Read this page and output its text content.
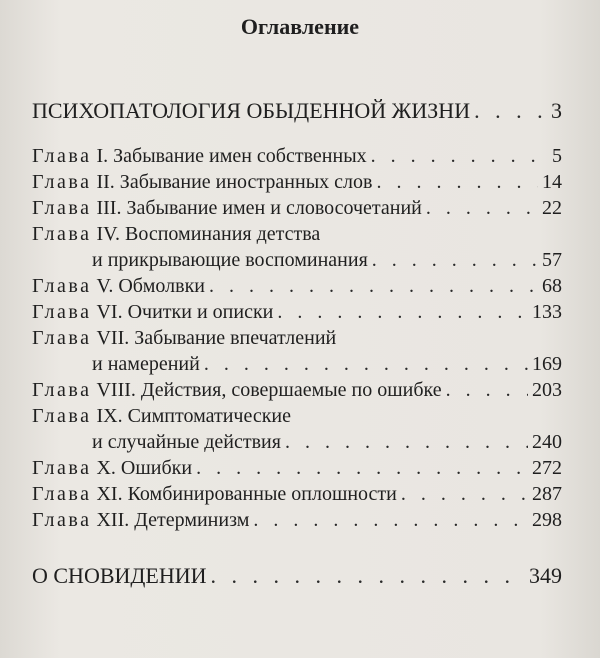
Оглавление
ПСИХОПАТОЛОГИЯ ОБЫДЕННОЙ ЖИЗНИ . . .	3
Глава I. Забывание имен собственных . . .	5
Глава II. Забывание иностранных слов . . .	14
Глава III. Забывание имен и словосочетаний . . .	22
Глава IV. Воспоминания детства
и прикрывающие воспоминания . . .	57
Глава V. Обмолвки . . .	68
Глава VI. Очитки и описки . . .	133
Глава VII. Забывание впечатлений
и намерений . . .	169
Глава VIII. Действия, совершаемые по ошибке . . .	203
Глава IX. Симптоматические
и случайные действия . . .	240
Глава X. Ошибки . . .	272
Глава XI. Комбинированные оплошности . . .	287
Глава XII. Детерминизм . . .	298
О СНОВИДЕНИИ . . .	349
